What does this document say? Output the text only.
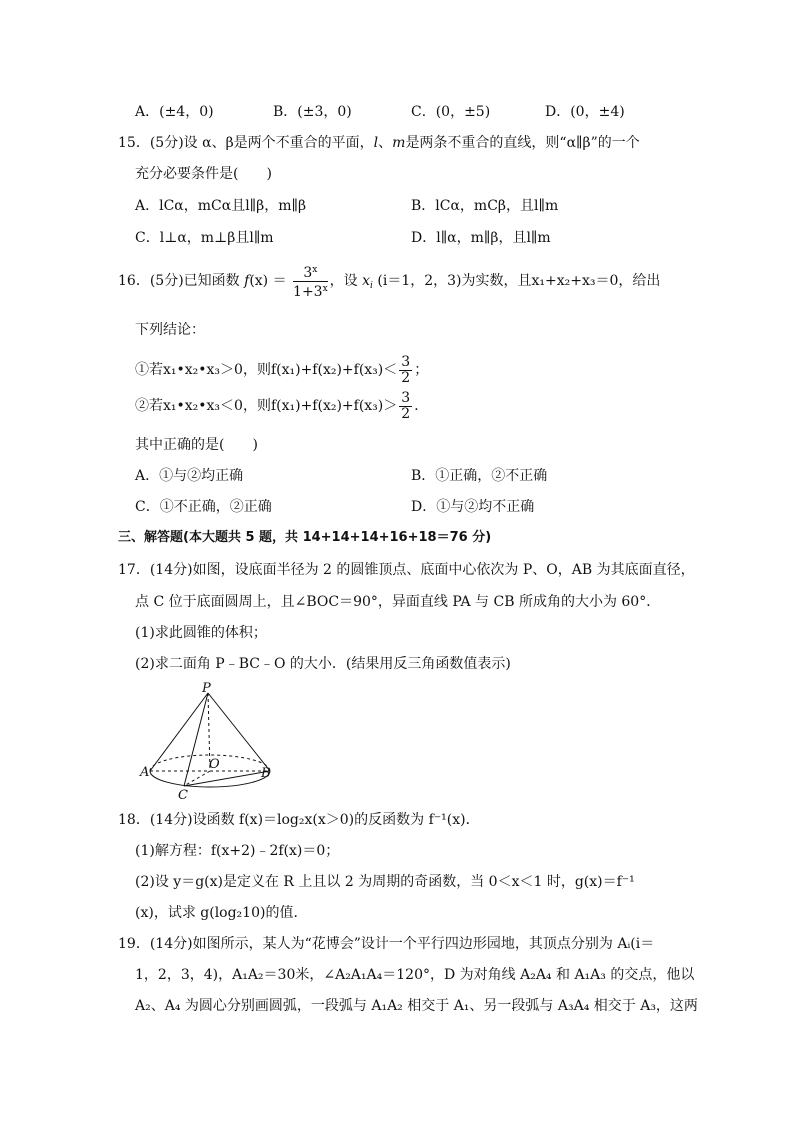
A．(±4，0)	B．(±3，0)	C．(0，±5)	D．(0，±4)
15．(5分)设 α、β是两个不重合的平面，l、m是两条不重合的直线，则“α∥β”的一个
充分必要条件是(　　)
A．lⅭα，mⅭα且l∥β，m∥β	B．lⅭα，mⅭβ，且l∥m
C．l⊥α，m⊥β且l∥m	D．l∥α，m∥β，且l∥m
16．(5分)已知函数 $f(x) = \frac{3^x}{1+3^x}$ ，设 $x_i$ (i＝1，2，3)为实数，且x₁+x₂+x₃＝0，给出
下列结论：
①若x₁•x₂•x₃＞0，则$f(x_1)+f(x_2)+f(x_3)< \frac{3}{2}$ ；
②若x₁•x₂•x₃＜0，则$f(x_1)+f(x_2)+f(x_3)> \frac{3}{2}$ ．
其中正确的是(　　)
A．①与②均正确	B．①正确，②不正确
C．①不正确，②正确	D．①与②均不正确
三、解答题(本大题共 5 题，共 14+14+14+16+18＝76 分)
17．(14分)如图，设底面半径为 2 的圆锥顶点、底面中心依次为 P、O，AB 为其底面直径，
点 C 位于底面圆周上，且∠BOC＝90°，异面直线 PA 与 CB 所成角的大小为 60°．
(1)求此圆锥的体积；
(2)求二面角 P﹣BC﹣O 的大小．(结果用反三角函数值表示)
P
O
A	B
C
18．(14分)设函数 f(x)＝log₂x(x＞0)的反函数为 f⁻¹(x)．
(1)解方程：f(x+2)﹣2f(x)＝0；
(2)设 y＝g(x)是定义在 R 上且以 2 为周期的奇函数，当 0＜x＜1 时，g(x)＝f⁻¹
(x)，试求 g(log₂10)的值．
19．(14分)如图所示，某人为“花博会”设计一个平行四边形园地，其顶点分别为 Aᵢ(i＝
1，2，3，4)，A₁A₂＝30米，∠A₂A₁A₄＝120°，D 为对角线 A₂A₄ 和 A₁A₃ 的交点，他以
A₂、A₄ 为圆心分别画圆弧，一段弧与 A₁A₂ 相交于 A₁、另一段弧与 A₃A₄ 相交于 A₃，这两
